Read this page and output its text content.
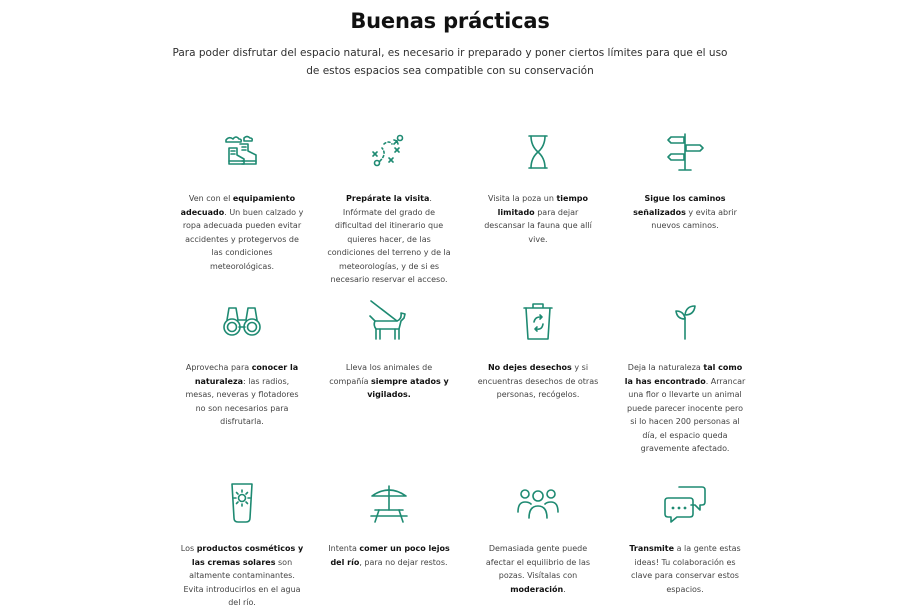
Buenas prácticas

Para poder disfrutar del espacio natural, es necesario ir preparado y poner ciertos límites para que el uso de estos espacios sea compatible con su conservación

Ven con el equipamiento adecuado. Un buen calzado y ropa adecuada pueden evitar accidentes y protegervos de las condiciones meteorológicas.
Prepárate la visita. Infórmate del grado de dificultad del itinerario que quieres hacer, de las condiciones del terreno y de la meteorologías, y de si es necesario reservar el acceso.
Visita la poza un tiempo limitado para dejar descansar la fauna que allí vive.
Sigue los caminos señalizados y evita abrir nuevos caminos.
Aprovecha para conocer la naturaleza: las radios, mesas, neveras y flotadores no son necesarios para disfrutarla.
Lleva los animales de compañía siempre atados y vigilados.
No dejes desechos y si encuentras desechos de otras personas, recógelos.
Deja la naturaleza tal como la has encontrado. Arrancar una flor o llevarte un animal puede parecer inocente pero si lo hacen 200 personas al día, el espacio queda gravemente afectado.
Los productos cosméticos y las cremas solares son altamente contaminantes. Evita introducirlos en el agua del río.
Intenta comer un poco lejos del río, para no dejar restos.
Demasiada gente puede afectar el equilibrio de las pozas. Visítalas con moderación.
Transmite a la gente estas ideas! Tu colaboración es clave para conservar estos espacios.
